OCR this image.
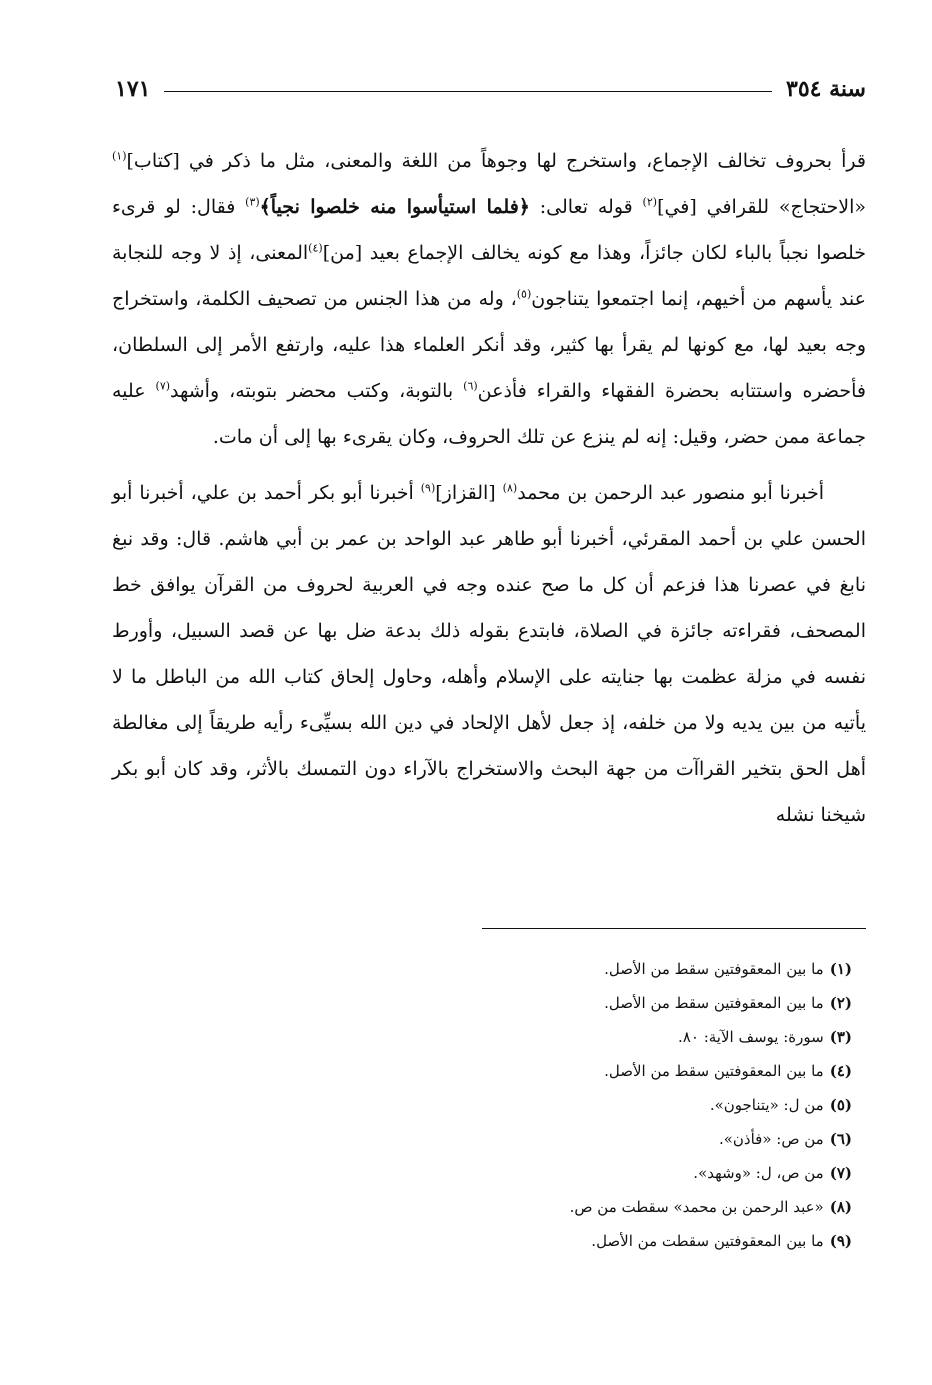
سنة ٣٥٤
١٧١

قرأ بحروف تخالف الإجماع، واستخرج لها وجوهاً من اللغة والمعنى، مثل ما ذكر في [كتاب]$^{(١)}$ «الاحتجاج» للقرافي [في]$^{(٢)}$ قوله تعالى: ﴿فلما استيأسوا منه خلصوا نجياً﴾$^{(٣)}$ فقال: لو قرىء خلصوا نجباً بالباء لكان جائزاً، وهذا مع كونه يخالف الإجماع بعيد [من]$^{(٤)}$المعنى، إذ لا وجه للنجابة عند يأسهم من أخيهم، إنما اجتمعوا يتناجون$^{(٥)}$، وله من هذا الجنس من تصحيف الكلمة، واستخراج وجه بعيد لها، مع كونها لم يقرأ بها كثير، وقد أنكر العلماء هذا عليه، وارتفع الأمر إلى السلطان، فأحضره واستتابه بحضرة الفقهاء والقراء فأذعن$^{(٦)}$ بالتوبة، وكتب محضر بتوبته، وأشهد$^{(٧)}$ عليه جماعة ممن حضر، وقيل: إنه لم ينزع عن تلك الحروف، وكان يقرىء بها إلى أن مات.

أخبرنا أبو منصور عبد الرحمن بن محمد$^{(٨)}$ [القزاز]$^{(٩)}$ أخبرنا أبو بكر أحمد بن علي، أخبرنا أبو الحسن علي بن أحمد المقرئي، أخبرنا أبو طاهر عبد الواحد بن عمر بن أبي هاشم. قال: وقد نبغ نابغ في عصرنا هذا فزعم أن كل ما صح عنده وجه في العربية لحروف من القرآن يوافق خط المصحف، فقراءته جائزة في الصلاة، فابتدع بقوله ذلك بدعة ضل بها عن قصد السبيل، وأورط نفسه في مزلة عظمت بها جنايته على الإسلام وأهله، وحاول إلحاق كتاب الله من الباطل ما لا يأتيه من بين يديه ولا من خلفه، إذ جعل لأهل الإلحاد في دين الله بسيِّىء رأيه طريقاً إلى مغالطة أهل الحق بتخير القراآت من جهة البحث والاستخراج بالآراء دون التمسك بالأثر، وقد كان أبو بكر شيخنا نشله

(١)ما بين المعقوفتين سقط من الأصل.
(٢)ما بين المعقوفتين سقط من الأصل.
(٣)سورة: يوسف الآية: ٨٠.
(٤)ما بين المعقوفتين سقط من الأصل.
(٥)من ل: «يتناجون».
(٦)من ص: «فأذن».
(٧)من ص، ل: «وشهد».
(٨)«عبد الرحمن بن محمد» سقطت من ص.
(٩)ما بين المعقوفتين سقطت من الأصل.
